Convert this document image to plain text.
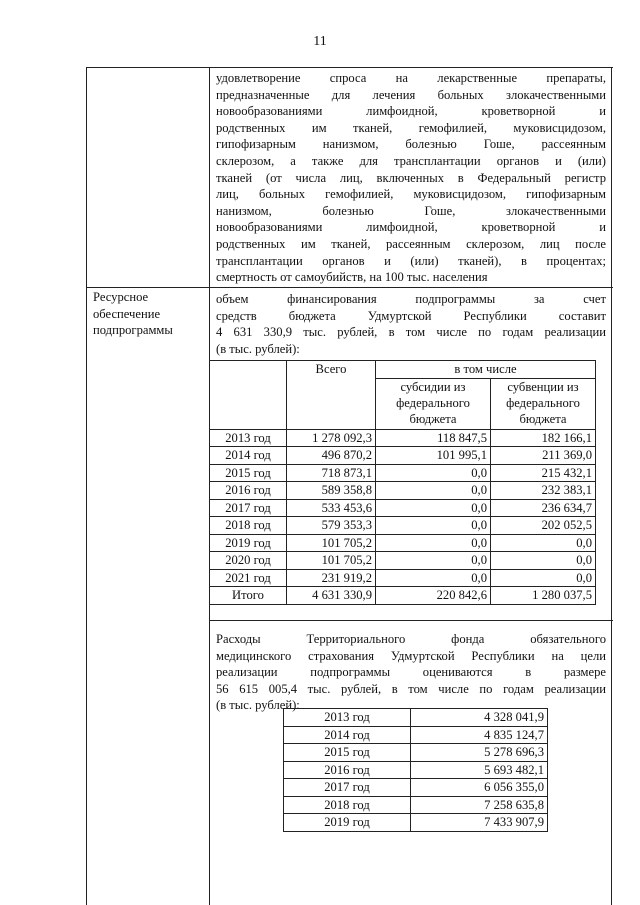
11
удовлетворение спроса на лекарственные препараты,
предназначенные для лечения больных злокачественными
новообразованиями лимфоидной, кроветворной и
родственных им тканей, гемофилией, муковисцидозом,
гипофизарным нанизмом, болезнью Гоше, рассеянным
склерозом, а также для трансплантации органов и (или)
тканей (от числа лиц, включенных в Федеральный регистр
лиц, больных гемофилией, муковисцидозом, гипофизарным
нанизмом, болезнью Гоше, злокачественными
новообразованиями лимфоидной, кроветворной и
родственных им тканей, рассеянным склерозом, лиц после
трансплантации органов и (или) тканей), в процентах;
смертность от самоубийств, на 100 тыс. населения
Ресурсное обеспечение подпрограммы
объем финансирования подпрограммы за счет
средств бюджета Удмуртской Республики составит
4 631 330,9 тыс. рублей, в том числе по годам реализации
(в тыс. рублей):
	Всего	в том числе	
		субсидии из федерального бюджета	субвенции из федерального бюджета
2013 год	1 278 092,3	118 847,5	182 166,1
2014 год	496 870,2	101 995,1	211 369,0
2015 год	718 873,1	0,0	215 432,1
2016 год	589 358,8	0,0	232 383,1
2017 год	533 453,6	0,0	236 634,7
2018 год	579 353,3	0,0	202 052,5
2019 год	101 705,2	0,0	0,0
2020 год	101 705,2	0,0	0,0
2021 год	231 919,2	0,0	0,0
Итого	4 631 330,9	220 842,6	1 280 037,5
Расходы Территориального фонда обязательного
медицинского страхования Удмуртской Республики на цели
реализации подпрограммы оцениваются в размере
56 615 005,4 тыс. рублей, в том числе по годам реализации
(в тыс. рублей):
2013 год	4 328 041,9
2014 год	4 835 124,7
2015 год	5 278 696,3
2016 год	5 693 482,1
2017 год	6 056 355,0
2018 год	7 258 635,8
2019 год	7 433 907,9
